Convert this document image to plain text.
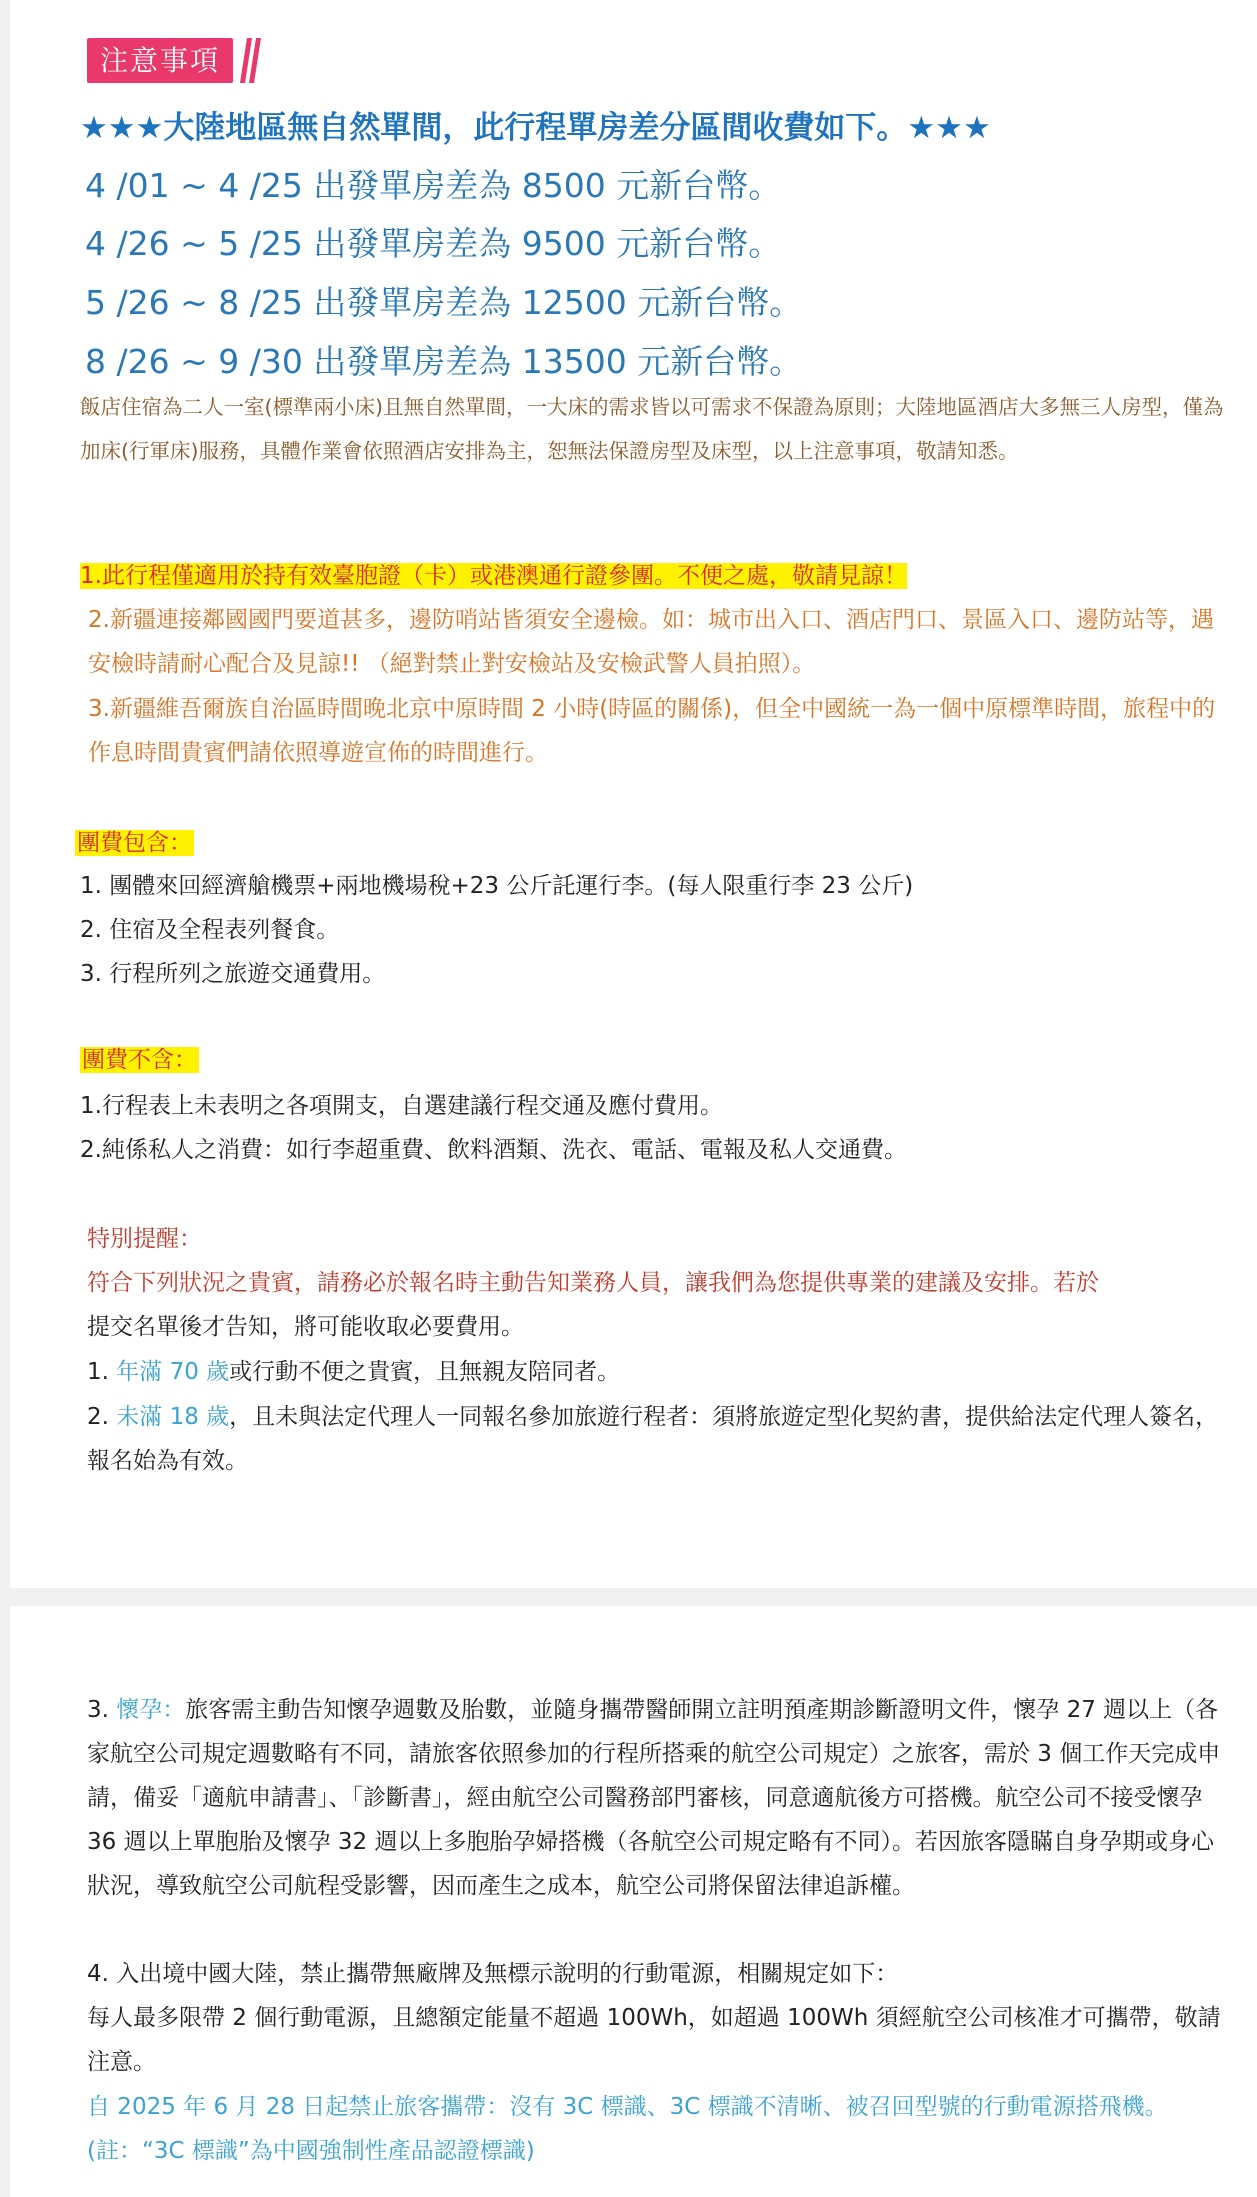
注意事項

★★★大陸地區無自然單間，此行程單房差分區間收費如下。★★★

4 /01 ~ 4 /25 出發單房差為 8500 元新台幣。

4 /26 ~ 5 /25 出發單房差為 9500 元新台幣。

5 /26 ~ 8 /25 出發單房差為 12500 元新台幣。

8 /26 ~ 9 /30 出發單房差為 13500 元新台幣。

飯店住宿為二人一室(標準兩小床)且無自然單間，一大床的需求皆以可需求不保證為原則；大陸地區酒店大多無三人房型，僅為加床(行軍床)服務，具體作業會依照酒店安排為主，恕無法保證房型及床型，以上注意事項，敬請知悉。

1.此行程僅適用於持有效臺胞證（卡）或港澳通行證參團。不便之處，敬請見諒！

2.新疆連接鄰國國門要道甚多，邊防哨站皆須安全邊檢。如：城市出入口、酒店門口、景區入口、邊防站等，遇安檢時請耐心配合及見諒!! （絕對禁止對安檢站及安檢武警人員拍照）。

3.新疆維吾爾族自治區時間晚北京中原時間 2 小時(時區的關係)，但全中國統一為一個中原標準時間，旅程中的作息時間貴賓們請依照導遊宣佈的時間進行。

團費包含：

1. 團體來回經濟艙機票+兩地機場稅+23 公斤託運行李。(每人限重行李 23 公斤)

2. 住宿及全程表列餐食。

3. 行程所列之旅遊交通費用。

團費不含：

1.行程表上未表明之各項開支，自選建議行程交通及應付費用。

2.純係私人之消費：如行李超重費、飲料酒類、洗衣、電話、電報及私人交通費。

特別提醒：

符合下列狀況之貴賓，請務必於報名時主動告知業務人員，讓我們為您提供專業的建議及安排。若於

提交名單後才告知，將可能收取必要費用。

1. 年滿 70 歲或行動不便之貴賓，且無親友陪同者。

2. 未滿 18 歲，且未與法定代理人一同報名參加旅遊行程者：須將旅遊定型化契約書，提供給法定代理人簽名，報名始為有效。

3. 懷孕：旅客需主動告知懷孕週數及胎數，並隨身攜帶醫師開立註明預產期診斷證明文件，懷孕 27 週以上（各家航空公司規定週數略有不同，請旅客依照參加的行程所搭乘的航空公司規定）之旅客，需於 3 個工作天完成申請，備妥「適航申請書」、「診斷書」，經由航空公司醫務部門審核，同意適航後方可搭機。航空公司不接受懷孕 36 週以上單胞胎及懷孕 32 週以上多胞胎孕婦搭機（各航空公司規定略有不同）。若因旅客隱瞞自身孕期或身心狀況，導致航空公司航程受影響，因而產生之成本，航空公司將保留法律追訴權。

4. 入出境中國大陸，禁止攜帶無廠牌及無標示說明的行動電源，相關規定如下：

每人最多限帶 2 個行動電源，且總額定能量不超過 100Wh，如超過 100Wh 須經航空公司核准才可攜帶，敬請注意。

自 2025 年 6 月 28 日起禁止旅客攜帶：沒有 3C 標識、3C 標識不清晰、被召回型號的行動電源搭飛機。(註：“3C 標識”為中國強制性產品認證標識)
